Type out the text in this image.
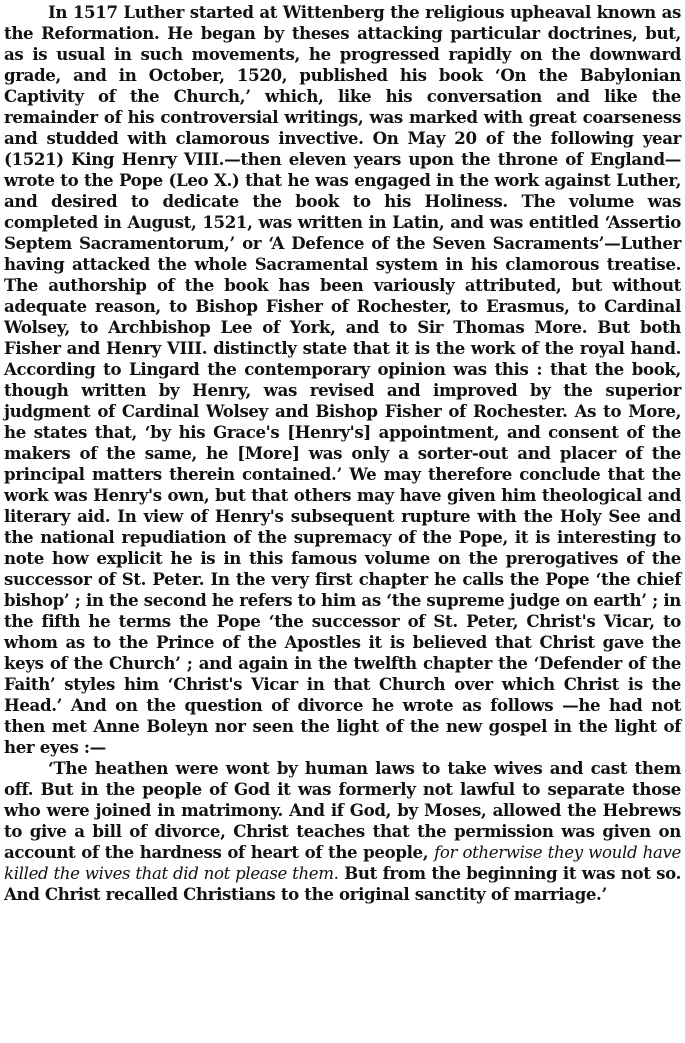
In 1517 Luther started at Wittenberg the religious upheaval known as the Reformation. He began by theses attacking particular doctrines, but, as is usual in such movements, he progressed rapidly on the downward grade, and in October, 1520, published his book ‘On the Babylonian Captivity of the Church,’ which, like his conversation and like the remainder of his controversial writings, was marked with great coarseness and studded with clamorous invective. On May 20 of the following year (1521) King Henry VIII.—then eleven years upon the throne of England—wrote to the Pope (Leo X.) that he was engaged in the work against Luther, and desired to dedicate the book to his Holiness. The volume was completed in August, 1521, was written in Latin, and was entitled ‘Assertio Septem Sacramentorum,’ or ‘A Defence of the Seven Sacraments’—Luther having attacked the whole Sacramental system in his clamorous treatise. The authorship of the book has been variously attributed, but without adequate reason, to Bishop Fisher of Rochester, to Erasmus, to Cardinal Wolsey, to Archbishop Lee of York, and to Sir Thomas More. But both Fisher and Henry VIII. distinctly state that it is the work of the royal hand. According to Lingard the contemporary opinion was this : that the book, though written by Henry, was revised and improved by the superior judgment of Cardinal Wolsey and Bishop Fisher of Rochester. As to More, he states that, ‘by his Grace's [Henry's] appointment, and consent of the makers of the same, he [More] was only a sorter-out and placer of the principal matters therein contained.’ We may therefore conclude that the work was Henry's own, but that others may have given him theological and literary aid. In view of Henry's subsequent rupture with the Holy See and the national repudiation of the supremacy of the Pope, it is interesting to note how explicit he is in this famous volume on the prerogatives of the successor of St. Peter. In the very first chapter he calls the Pope ‘the chief bishop’ ; in the second he refers to him as ‘the supreme judge on earth’ ; in the fifth he terms the Pope ‘the successor of St. Peter, Christ's Vicar, to whom as to the Prince of the Apostles it is believed that Christ gave the keys of the Church’ ; and again in the twelfth chapter the ‘Defender of the Faith’ styles him ‘Christ's Vicar in that Church over which Christ is the Head.’ And on the question of divorce he wrote as follows —he had not then met Anne Boleyn nor seen the light of the new gospel in the light of her eyes :—

‘The heathen were wont by human laws to take wives and cast them off. But in the people of God it was formerly not lawful to separate those who were joined in matrimony. And if God, by Moses, allowed the Hebrews to give a bill of divorce, Christ teaches that the permission was given on account of the hardness of heart of the people, for otherwise they would have killed the wives that did not please them. But from the beginning it was not so. And Christ recalled Christians to the original sanctity of marriage.’
